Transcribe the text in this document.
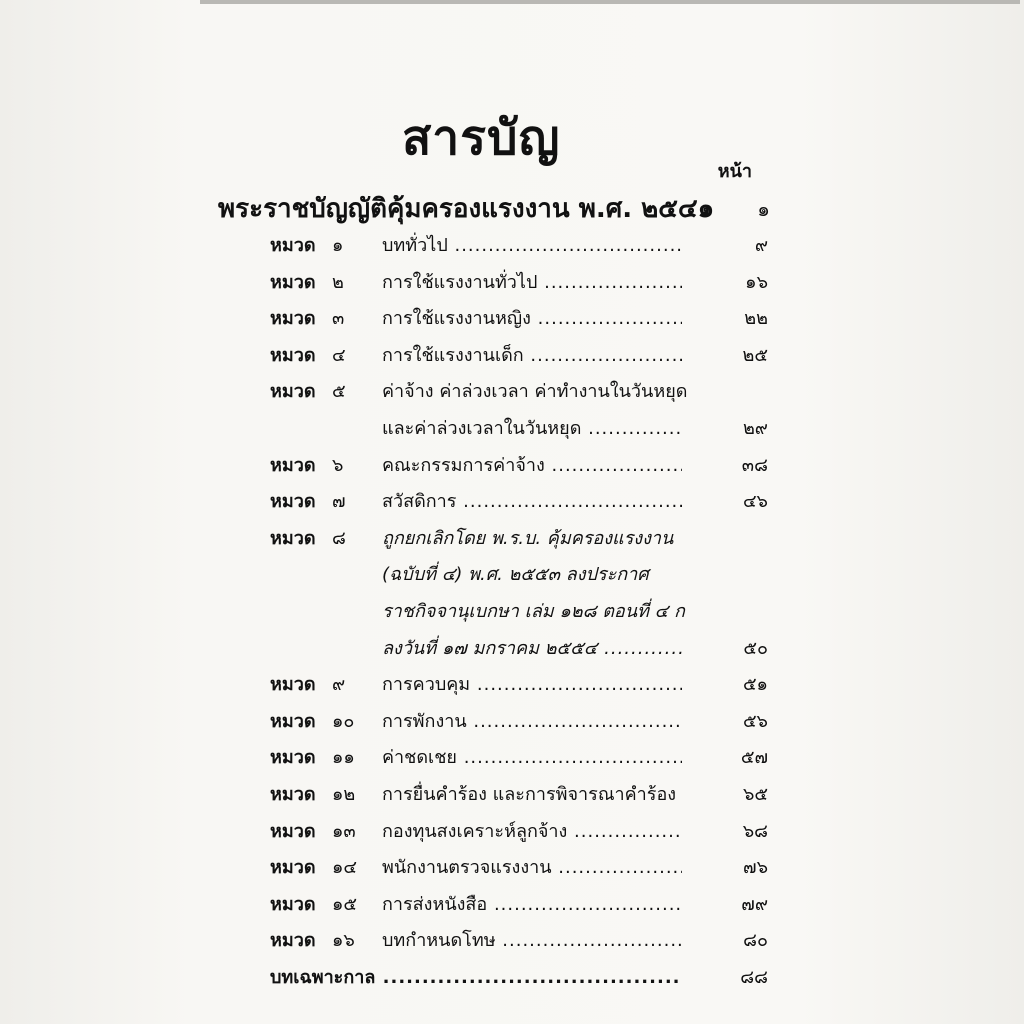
สารบัญ
หน้า
พระราชบัญญัติคุ้มครองแรงงาน พ.ศ. ๒๕๔๑	๑
หมวด ๑ บททั่วไป .....	๙
หมวด ๒ การใช้แรงงานทั่วไป .....	๑๖
หมวด ๓ การใช้แรงงานหญิง .....	๒๒
หมวด ๔ การใช้แรงงานเด็ก .....	๒๕
หมวด ๕ ค่าจ้าง ค่าล่วงเวลา ค่าทำงานในวันหยุด
และค่าล่วงเวลาในวันหยุด .....	๒๙
หมวด ๖ คณะกรรมการค่าจ้าง .....	๓๘
หมวด ๗ สวัสดิการ .....	๔๖
หมวด ๘ ถูกยกเลิกโดย พ.ร.บ. คุ้มครองแรงงาน
(ฉบับที่ ๔) พ.ศ. ๒๕๕๓ ลงประกาศ
ราชกิจจานุเบกษา เล่ม ๑๒๘ ตอนที่ ๔ ก
ลงวันที่ ๑๗ มกราคม ๒๕๕๔ .....	๕๐
หมวด ๙ การควบคุม .....	๕๑
หมวด ๑๐ การพักงาน .....	๕๖
หมวด ๑๑ ค่าชดเชย .....	๕๗
หมวด ๑๒ การยื่นคำร้อง และการพิจารณาคำร้อง	๖๕
หมวด ๑๓ กองทุนสงเคราะห์ลูกจ้าง .....	๖๘
หมวด ๑๔ พนักงานตรวจแรงงาน .....	๗๖
หมวด ๑๕ การส่งหนังสือ .....	๗๙
หมวด ๑๖ บทกำหนดโทษ .....	๘๐
บทเฉพาะกาล .....	๘๘
